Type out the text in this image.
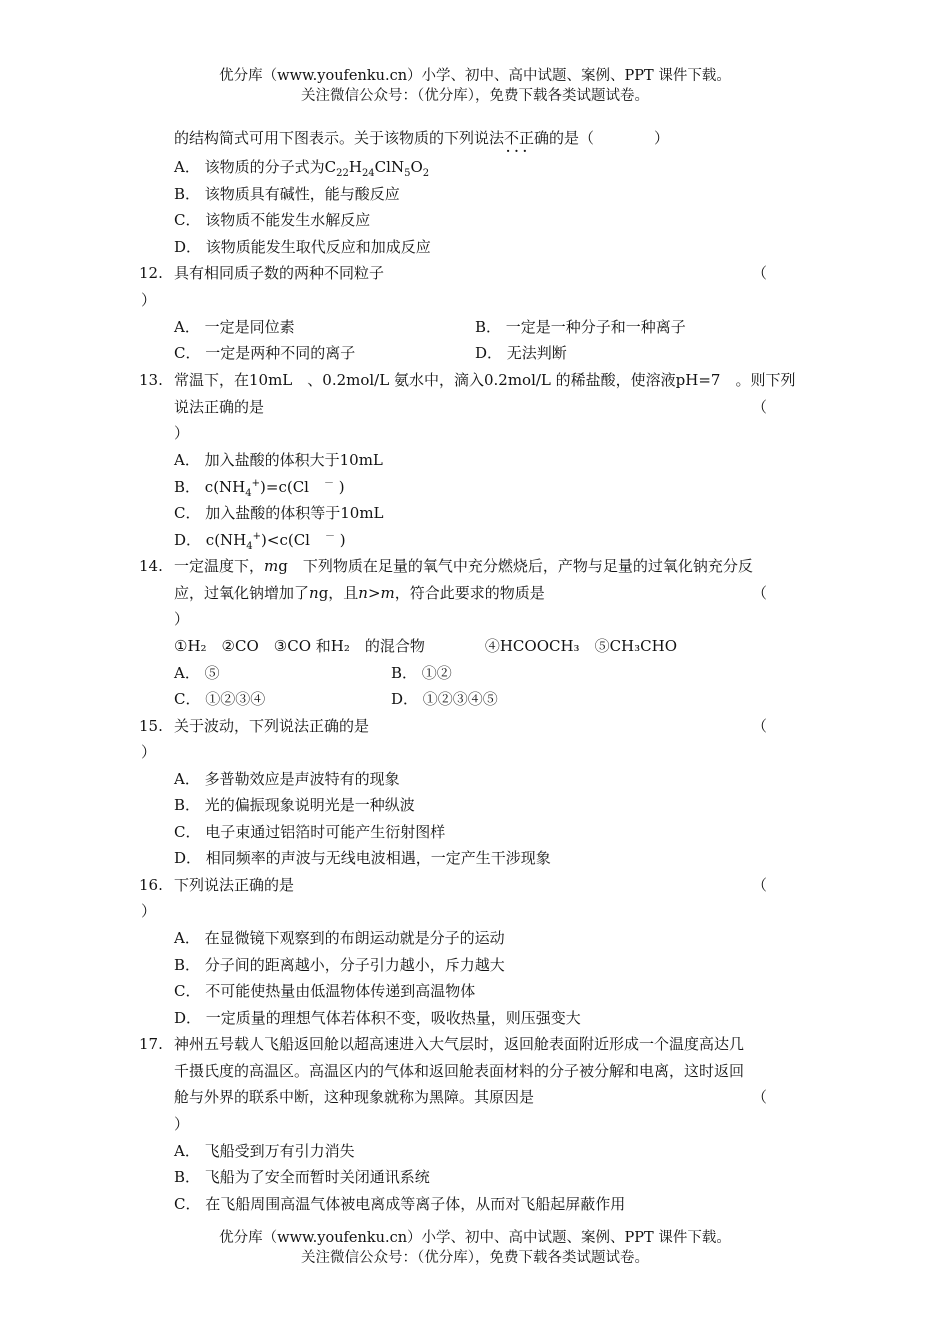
优分库（www.youfenku.cn）小学、初中、高中试题、案例、PPT 课件下载。
关注微信公众号：（优分库），免费下载各类试题试卷。
的结构简式可用下图表示。关于该物质的下列说法不正确 · · ·的是（　　　　）
A． 该物质的分子式为$C_{22}H_{24}ClN_5O_2$
B． 该物质具有碱性，能与酸反应
C． 该物质不能发生水解反应
D． 该物质能发生取代反应和加成反应
12. 具有相同质子数的两种不同粒子	（
）
A． 一定是同位素	B． 一定是一种分子和一种离子
C． 一定是两种不同的离子	D． 无法判断
13. 常温下，在10mL　、0.2mol/L 氨水中，滴入0.2mol/L 的稀盐酸，使溶液pH=7　。则下列
说法正确的是	（
）
A． 加入盐酸的体积大于10mL
B． $c(NH_4^+)=c(Cl$　－ )
C． 加入盐酸的体积等于10mL
D． $c(NH_4^+)<c(Cl$　－ )
14. 一定温度下，mg　下列物质在足量的氧气中充分燃烧后，产物与足量的过氧化钠充分反
应，过氧化钠增加了ng，且n>m，符合此要求的物质是	（
）
①H₂　②CO　③CO 和H₂　的混合物　　　　④HCOOCH₃　⑤CH₃CHO
A． ⑤	B． ①②
C． ①②③④	D． ①②③④⑤
15. 关于波动，下列说法正确的是	（
）
A． 多普勒效应是声波特有的现象
B． 光的偏振现象说明光是一种纵波
C． 电子束通过铝箔时可能产生衍射图样
D． 相同频率的声波与无线电波相遇，一定产生干涉现象
16. 下列说法正确的是	（
）
A． 在显微镜下观察到的布朗运动就是分子的运动
B． 分子间的距离越小，分子引力越小，斥力越大
C． 不可能使热量由低温物体传递到高温物体
D． 一定质量的理想气体若体积不变，吸收热量，则压强变大
17. 神州五号载人飞船返回舱以超高速进入大气层时，返回舱表面附近形成一个温度高达几
千摄氏度的高温区。高温区内的气体和返回舱表面材料的分子被分解和电离，这时返回
舱与外界的联系中断，这种现象就称为黑障。其原因是	（
）
A． 飞船受到万有引力消失
B． 飞船为了安全而暂时关闭通讯系统
C． 在飞船周围高温气体被电离成等离子体，从而对飞船起屏蔽作用
优分库（www.youfenku.cn）小学、初中、高中试题、案例、PPT 课件下载。
关注微信公众号：（优分库），免费下载各类试题试卷。
